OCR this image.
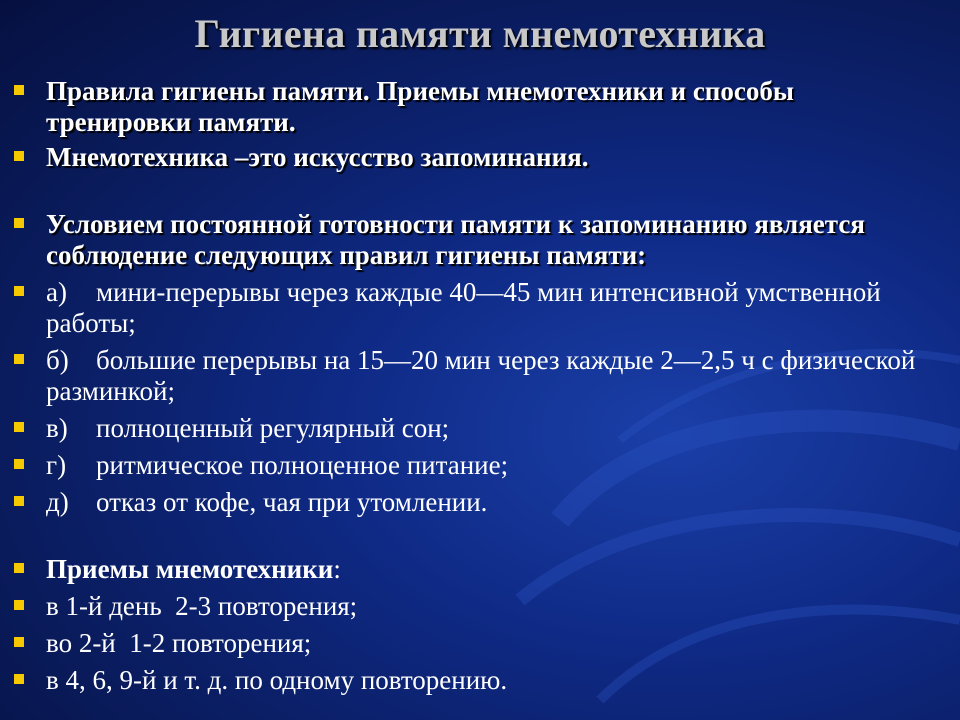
Гигиена памяти мнемотехника
Правила гигиены памяти. Приемы мнемотехники и способы тренировки памяти.
Мнемотехника –это искусство запоминания.
Условием постоянной готовности памяти к запоминанию является соблюдение следующих правил гигиены памяти:
а) мини-перерывы через каждые 40—45 мин интенсивной умственной работы;
б) большие перерывы на 15—20 мин через каждые 2—2,5 ч с физической разминкой;
в) полноценный регулярный сон;
г) ритмическое полноценное питание;
д) отказ от кофе, чая при утомлении.
Приемы мнемотехники:
в 1-й день  2-3 повторения;
во 2-й  1-2 повторения;
в 4, 6, 9-й и т. д. по одному повторению.
